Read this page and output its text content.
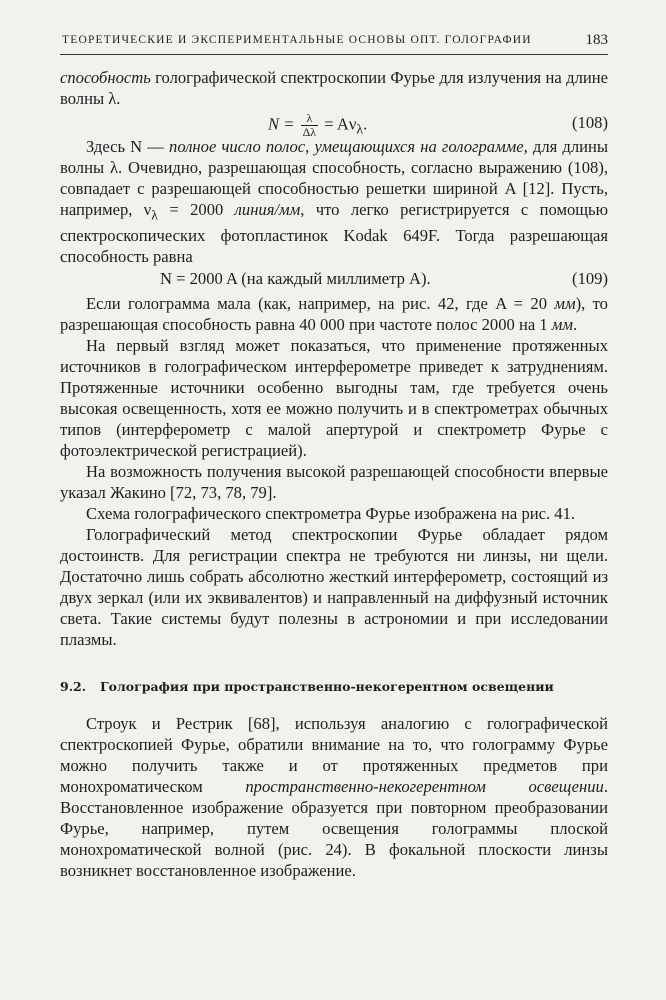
ТЕОРЕТИЧЕСКИЕ И ЭКСПЕРИМЕНТАЛЬНЫЕ ОСНОВЫ ОПТ. ГОЛОГРАФИИ	183

способность голографической спектроскопии Фурье для излучения на длине волны λ.

$N = \frac{\lambda}{\Delta\lambda} = A\nu_\lambda$.	(108)

Здесь N — полное число полос, умещающихся на голограмме, для длины волны λ. Очевидно, разрешающая способность, согласно выражению (108), совпадает с разрешающей способностью решетки шириной A [12]. Пусть, например, $\nu_\lambda = 2000$ линия/мм, что легко регистрируется с помощью спектроскопических фотопластинок Kodak 649F. Тогда разрешающая способность равна

N = 2000 A (на каждый миллиметр A).	(109)

Если голограмма мала (как, например, на рис. 42, где A = 20 мм), то разрешающая способность равна 40 000 при частоте полос 2000 на 1 мм.

На первый взгляд может показаться, что применение протяженных источников в голографическом интерферометре приведет к затруднениям. Протяженные источники особенно выгодны там, где требуется очень высокая освещенность, хотя ее можно получить и в спектрометрах обычных типов (интерферометр с малой апертурой и спектрометр Фурье с фотоэлектрической регистрацией).

На возможность получения высокой разрешающей способности впервые указал Жакино [72, 73, 78, 79].

Схема голографического спектрометра Фурье изображена на рис. 41.

Голографический метод спектроскопии Фурье обладает рядом достоинств. Для регистрации спектра не требуются ни линзы, ни щели. Достаточно лишь собрать абсолютно жесткий интерферометр, состоящий из двух зеркал (или их эквивалентов) и направленный на диффузный источник света. Такие системы будут полезны в астрономии и при исследовании плазмы.

9.2. Голография при пространственно-некогерентном освещении

Строук и Рестрик [68], используя аналогию с голографической спектроскопией Фурье, обратили внимание на то, что голограмму Фурье можно получить также и от протяженных предметов при монохроматическом пространственно-некогерентном освещении. Восстановленное изображение образуется при повторном преобразовании Фурье, например, путем освещения голограммы плоской монохроматической волной (рис. 24). В фокальной плоскости линзы возникнет восстановленное изображение.
